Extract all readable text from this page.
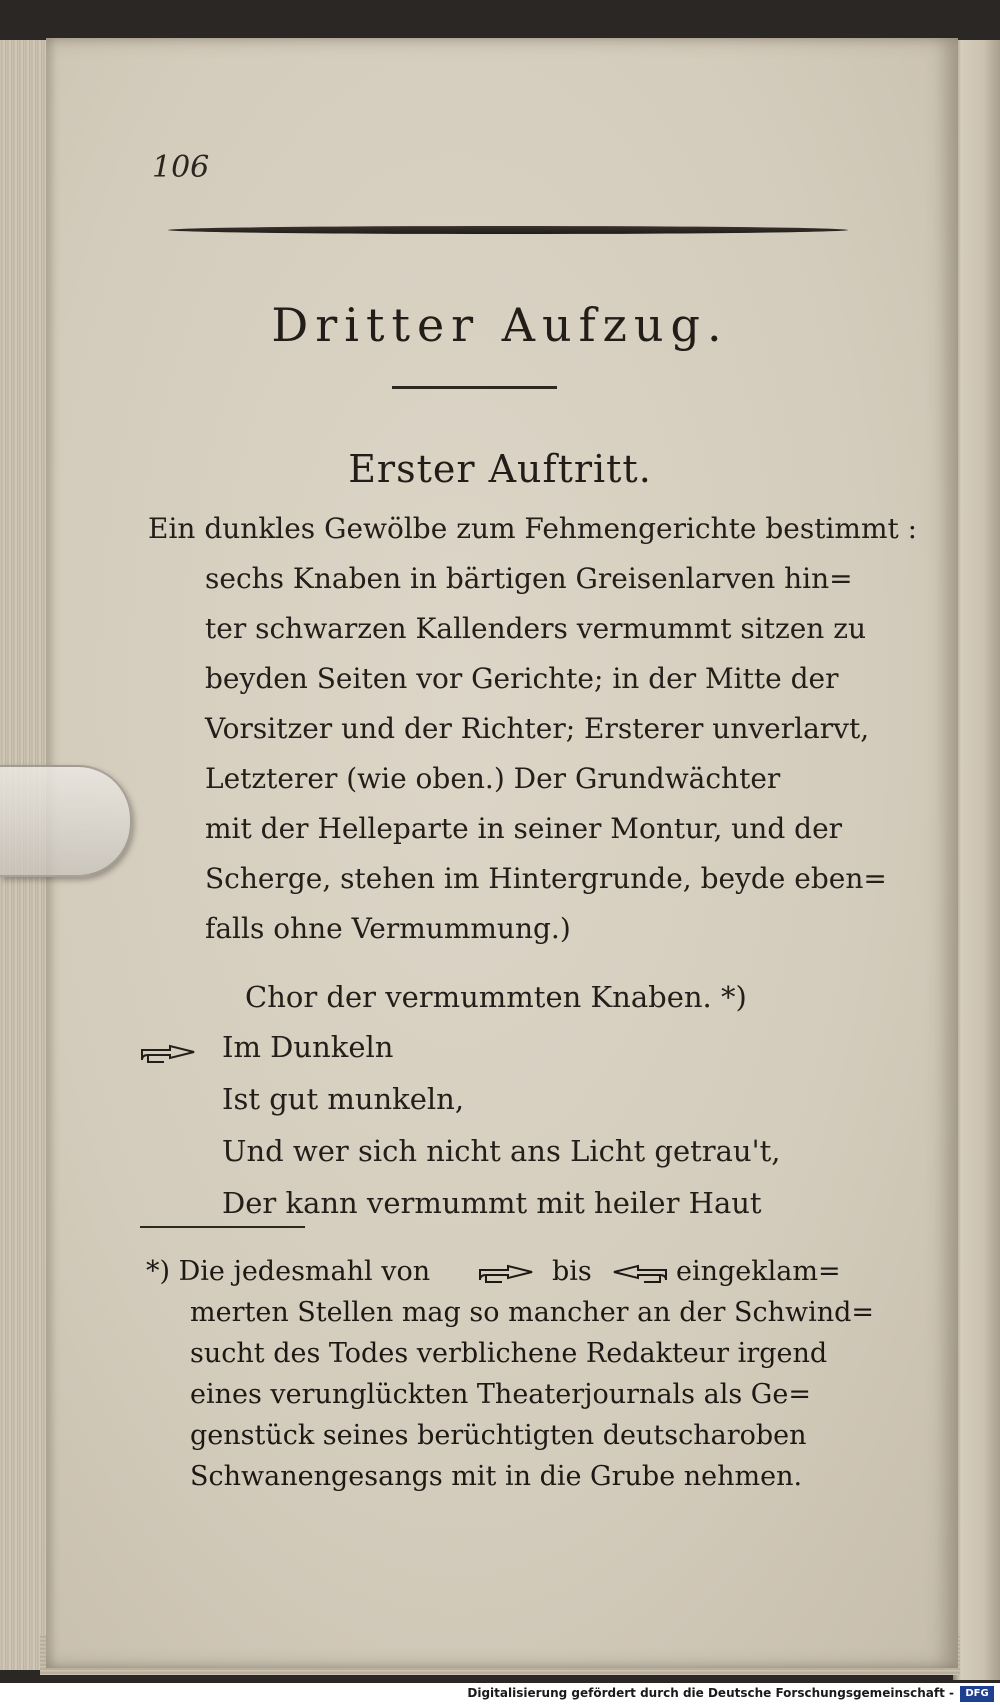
106
Dritter Aufzug.
Erster Auftritt.
Ein dunkles Gewölbe zum Fehmengerichte bestimmt :
sechs Knaben in bärtigen Greisenlarven hin=
ter schwarzen Kallenders vermummt sitzen zu
beyden Seiten vor Gerichte; in der Mitte der
Vorsitzer und der Richter; Ersterer unverlarvt,
Letzterer (wie oben.) Der Grundwächter
mit der Helleparte in seiner Montur, und der
Scherge, stehen im Hintergrunde, beyde eben=
falls ohne Vermummung.)
Chor der vermummten Knaben. *)
Im Dunkeln
Ist gut munkeln,
Und wer sich nicht ans Licht getrau't,
Der kann vermummt mit heiler Haut
*) Die jedesmahl von	bis	eingeklam=
merten Stellen mag so mancher an der Schwind=
sucht des Todes verblichene Redakteur irgend
eines verunglückten Theaterjournals als Ge=
genstück seines berüchtigten deutscharoben
Schwanengesangs mit in die Grube nehmen.
Digitalisierung gefördert durch die Deutsche Forschungsgemeinschaft -	DFG
